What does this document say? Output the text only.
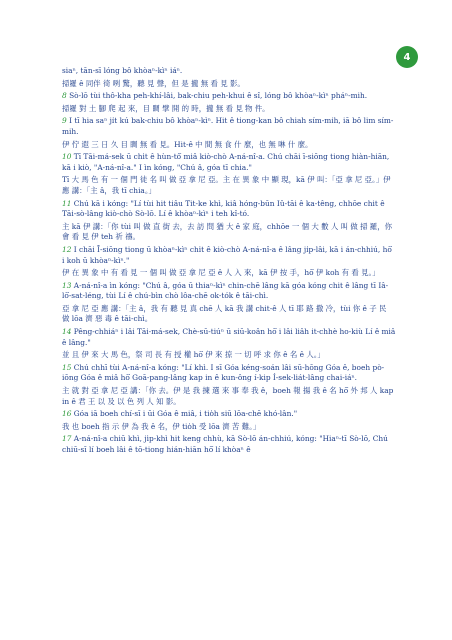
4
siaⁿ, tān-sī lóng bô khòaⁿ-kìⁿ iáⁿ.
掃羅 ê 同伴 徛 咧 驚，聽 見 聲，但 是 攏 無 看 見 影。
8 Sò-lō tùi thô-kha peh-khí-lâi, bak-chiu peh-khui ê sî, lóng bô khòaⁿ-kìⁿ pháⁿ-mih.
掃羅 對 土 腳 爬 起 來，目 睭 擘 開 的 時，攏 無 看 見 物 件。
9 I tī hia saⁿ ji̍t kú bak-chiu bô khòaⁿ-kìⁿ. Hit ê tiong-kan bô chiah sím-mih, iā bô lim sím-mih.
伊 佇 遐 三 日 久 目 睭 無 看 見。Hit-ê 中 間 無 食 什 麼，也 無 啉 什 麼。
10 Tī Tāi-má-sek ū chi̍t ê hùn-tô͘ miâ kiò-chò A-ná-nî-a. Chú chāi ī-siōng tiong hiàn-hiān, kā i kiò, "A-ná-nî-a." I ìn kóng, "Chú â, góa tī chia."
Tī 大 馬 色 有 一 個 門 徒 名 叫 做 亞 拿 尼 亞。主 在 異 象 中 顯 現，kā 伊 叫：「亞 拿 尼 亞。」伊 應 講：「主 â，我 tī chia。」
11 Chú kā i kóng: "Lí tùi hit tiâu Tit-ke khì, kiâ hóng-būn Iû-tāi ê ka-têng, chhōe chit ê Tāi-sò-lâng kiò-chò Sò-lō. Lí ê khòaⁿ-kìⁿ i teh kî-tó.
主 kā 伊 講：「你 tùi 叫 做 直 街 去，去 訪 問 猶 大 ê 家 庭，chhōe 一 個 大 數 人 叫 做 掃 羅，你 會 看 見 伊 teh 祈 禱。
12 I chāi Ī-siōng tiong ū khòaⁿ-kìⁿ chi̍t ê kiò-chò A-ná-nî-a ê lâng ji̍p-lâi, kā i án-chhiú, hō͘ i koh ū khòaⁿ-kìⁿ."
伊 在 異 象 中 有 看 見 一 個 叫 做 亞 拿 尼 亞 ê 人 入 來，kā 伊 按 手，hō͘ 伊 koh 有 看 見。」
13 A-ná-nî-a ìn kóng: "Chú â, góa ū thiaⁿ-kìⁿ chin-chē lâng kā góa kóng chit ê lâng tī Iâ-lō͘-sat-léng, tùi Lí ê chú-bìn chò lôa-chē ok-tók ê tāi-chì.
亞 拿 尼 亞 應 講：「主 â，我 有 聽 見 真 chē 人 kā 我 講 chit-ê 人 tī 耶 路 撒 冷，tùi 你 ê 子 民 做 lōa 濟 惡 毒 ê tāi-chì。
14 Pêng-chhiáⁿ i lâi Tāi-má-sek, Chè-sū-tiúⁿ ū siū-koân hō͘ i lâi liâh it-chhè ho-kiù Lí ê miâ ê lâng."
並 且 伊 來 大 馬 色，祭 司 長 有 授 權 hō͘ 伊 來 掠 一 切 呼 求 你 ê 名 ê 人。」
15 Chú chhī tùi A-ná-nî-a kóng: "Lí khì. I sī Góa kéng-soán lâi sū-hōng Góa ê, boeh pò-iōng Góa ê miâ hō͘ Goā-pang-lâng kap in ê kun-ông í-kip Í-sek-liát-lâng chai-iáⁿ.
主 就 對 亞 拿 尼 亞 講：「你 去。伊 是 我 揀 選 來 事 奉 我 ê，boeh 報 揚 我 ê 名 hō͘ 外 邦 人 kap in ê 君 王 以 及 以 色 列 人 知 影。
16 Góa iā boeh chí-sī i ūi Góa ê miâ, i tio̍h siū lōa-chē khó-lân."
我 也 boeh 指 示 伊 為 我 ê 名，伊 tio̍h 受 lōa 濟 苦 難。」
17 A-ná-nî-a chiū khì, ji̍p-khì hit keng chhù, kā Sò-lō án-chhiú, kóng: "Hiaⁿ-tī Sò-lō, Chú chiū-sī lí boeh lâi ê tō-tiong hián-hiān hō͘ lí khòaⁿ ê
